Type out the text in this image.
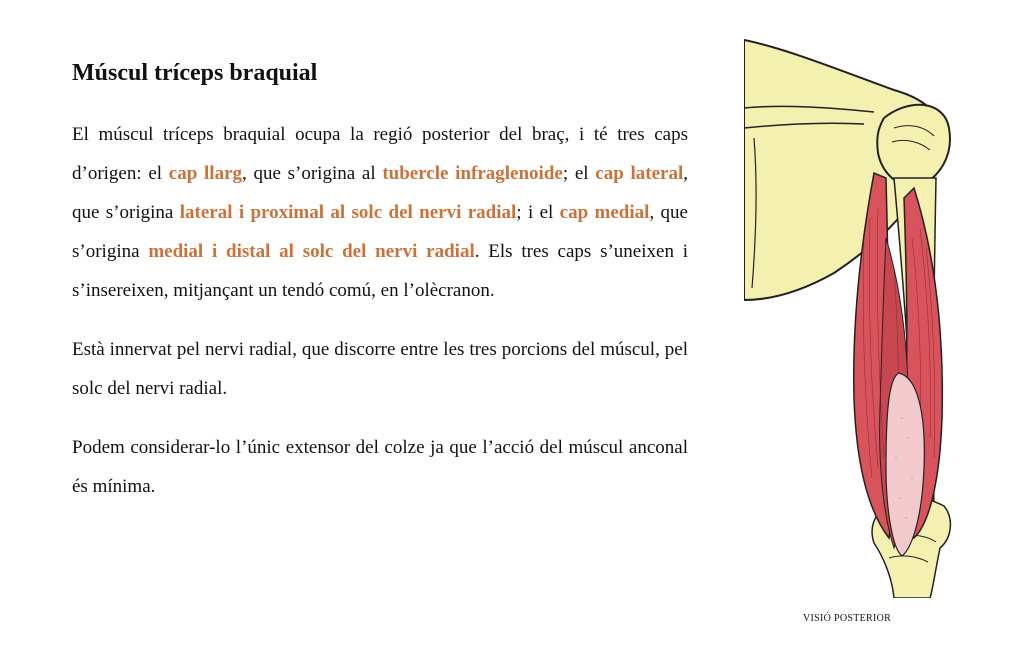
Múscul tríceps braquial

El múscul tríceps braquial ocupa la regió posterior del braç, i té tres caps d’origen: el cap llarg, que s’origina al tubercle infraglenoide; el cap lateral, que s’origina lateral i proximal al solc del nervi radial; i el cap medial, que s’origina medial i distal al solc del nervi radial. Els tres caps s’uneixen i s’insereixen, mitjançant un tendó comú, en l’olècranon.

Està innervat pel nervi radial, que discorre entre les tres porcions del múscul, pel solc del nervi radial.

Podem considerar-lo l’únic extensor del colze ja que l’acció del múscul anconal és mínima.

VISIÓ POSTERIOR
